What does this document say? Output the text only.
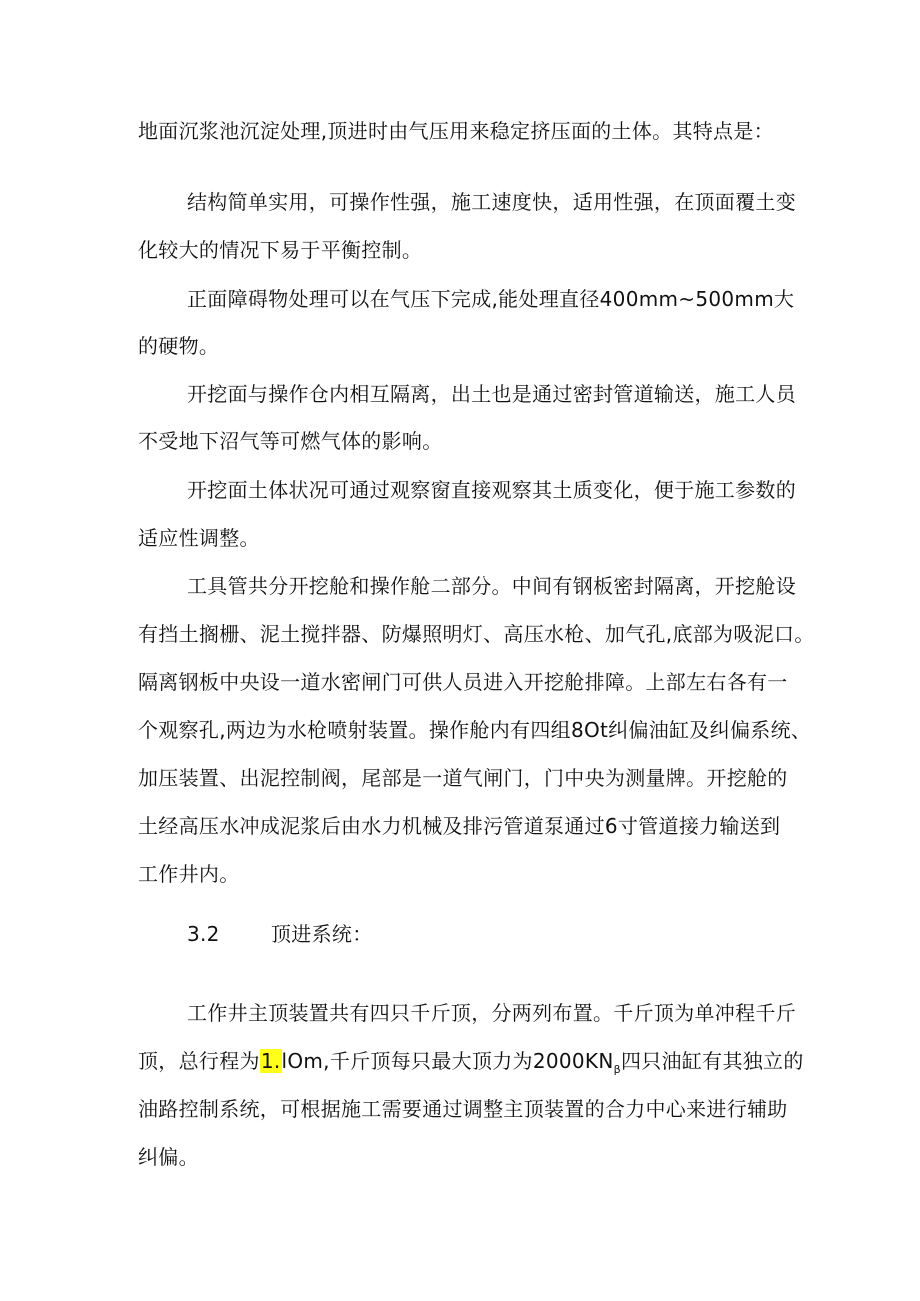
地面沉浆池沉淀处理,顶进时由气压用来稳定挤压面的土体。其特点是：
结构简单实用，可操作性强，施工速度快，适用性强，在顶面覆土变
化较大的情况下易于平衡控制。
正面障碍物处理可以在气压下完成,能处理直径400mm~500mm大
的硬物。
开挖面与操作仓内相互隔离，出土也是通过密封管道输送，施工人员
不受地下沼气等可燃气体的影响。
开挖面土体状况可通过观察窗直接观察其土质变化，便于施工参数的
适应性调整。
工具管共分开挖舱和操作舱二部分。中间有钢板密封隔离，开挖舱设
有挡土搁栅、泥土搅拌器、防爆照明灯、高压水枪、加气孔,底部为吸泥口。
隔离钢板中央设一道水密闸门可供人员进入开挖舱排障。上部左右各有一
个观察孔,两边为水枪喷射装置。操作舱内有四组8Ot纠偏油缸及纠偏系统、
加压装置、出泥控制阀，尾部是一道气闸门，门中央为测量牌。开挖舱的
土经高压水冲成泥浆后由水力机械及排污管道泵通过6寸管道接力输送到
工作井内。
3.2	顶进系统：
工作井主顶装置共有四只千斤顶，分两列布置。千斤顶为单冲程千斤
顶，总行程为1.lOm,千斤顶每只最大顶力为$2000KN_\beta$四只油缸有其独立的
油路控制系统，可根据施工需要通过调整主顶装置的合力中心来进行辅助
纠偏。
